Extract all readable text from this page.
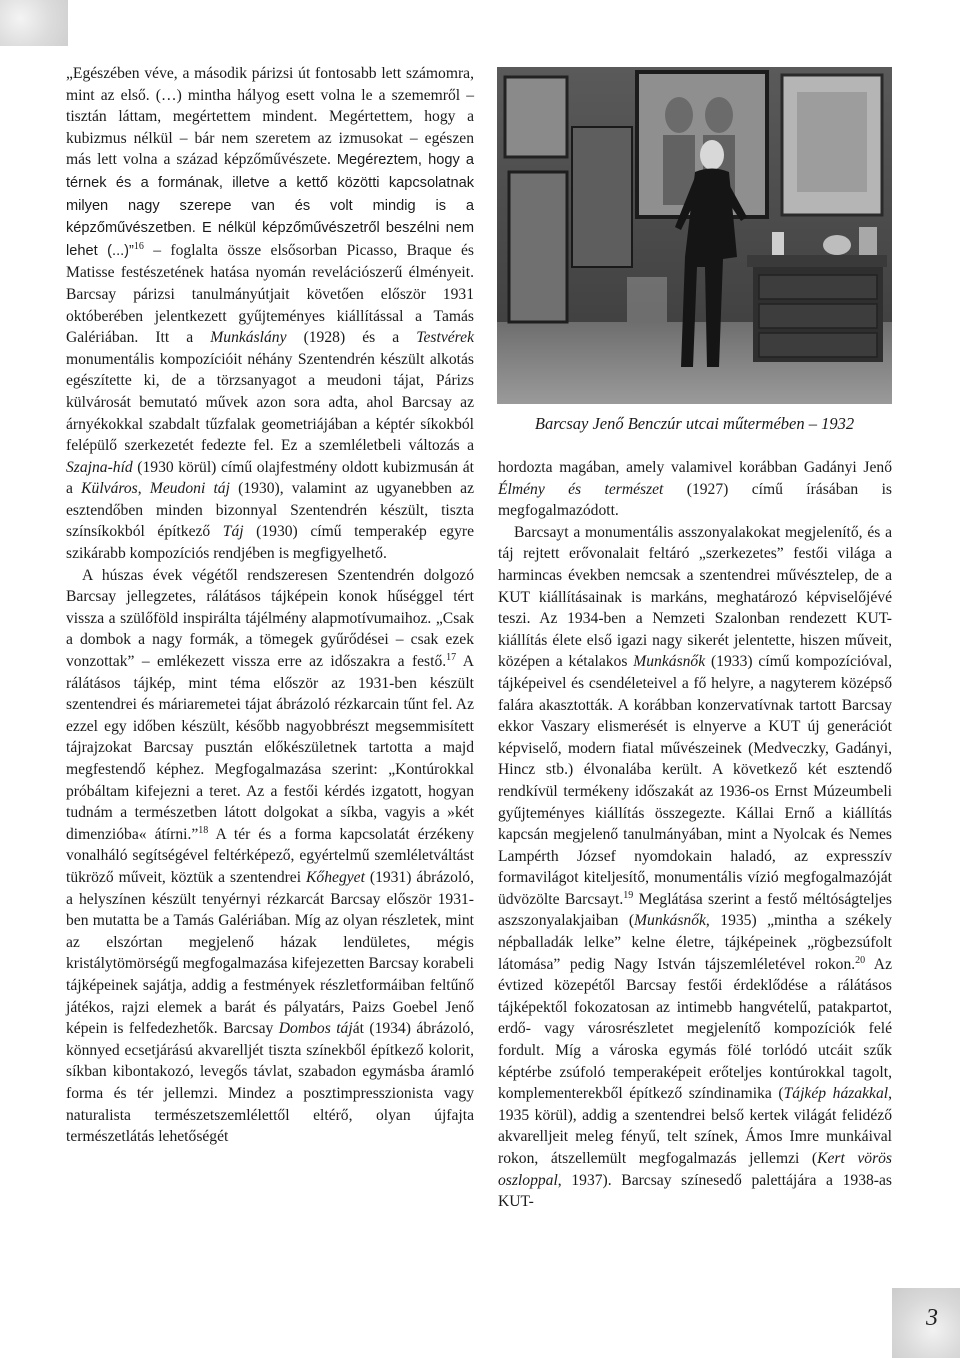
„Egészében véve, a második párizsi út fontosabb lett számomra, mint az első. (…) mintha hályog esett volna le a szememről – tisztán láttam, megértettem mindent. Megértettem, hogy a kubizmus nélkül – bár nem szeretem az izmusokat – egészen más lett volna a század képzőművészete. Megéreztem, hogy a térnek és a formának, illetve a kettő közötti kapcsolatnak milyen nagy szerepe van és volt mindig is a képzőművészetben. E nélkül képzőművészetről beszélni nem lehet (...)”$^{16}$ – foglalta össze elsősorban Picasso, Braque és Matisse festészetének hatása nyomán revelációszerű élményeit. Barcsay párizsi tanulmányútjait követően először 1931 októberében jelentkezett gyűjteményes kiállítással a Tamás Galériában. Itt a Munkáslány (1928) és a Testvérek monumentális kompozícióit néhány Szentendrén készült alkotás egészítette ki, de a törzsanyagot a meudoni tájat, Párizs külvárosát bemutató művek azon sora adta, ahol Barcsay az árnyékokkal szabdalt tűzfalak geometriájában a képtér síkokból felépülő szerkezetét fedezte fel. Ez a szemléletbeli változás a Szajna-híd (1930 körül) című olajfestmény oldott kubizmusán át a Külváros, Meudoni táj (1930), valamint az ugyanebben az esztendőben minden bizonnyal Szentendrén készült, tiszta színsíkokból építkező Táj (1930) című temperakép egyre szikárabb kompozíciós rendjében is megfigyelhető.

A húszas évek végétől rendszeresen Szentendrén dolgozó Barcsay jellegzetes, rálátásos tájképein konok hűséggel tért vissza a szülőföld inspirálta tájélmény alapmotívumaihoz. „Csak a dombok a nagy formák, a tömegek gyűrődései – csak ezek vonzottak” – emlékezett vissza erre az időszakra a festő.$^{17}$ A rálátásos tájkép, mint téma először az 1931-ben készült szentendrei és máriaremetei tájat ábrázoló rézkarcain tűnt fel. Az ezzel egy időben készült, később nagyobbrészt megsemmisített tájrajzokat Barcsay pusztán előkészületnek tartotta a majd megfestendő képhez. Megfogalmazása szerint: „Kontúrokkal próbáltam kifejezni a teret. Az a festői kérdés izgatott, hogyan tudnám a természetben látott dolgokat a síkba, vagyis a »két dimenzióba« átírni.”$^{18}$ A tér és a forma kapcsolatát érzékeny vonalháló segítségével feltérképező, egyértelmű szemléletváltást tükröző műveit, köztük a szentendrei Kőhegyet (1931) ábrázoló, a helyszínen készült tenyérnyi rézkarcát Barcsay először 1931-ben mutatta be a Tamás Galériában. Míg az olyan részletek, mint az elszórtan megjelenő házak lendületes, mégis kristálytömörségű megfogalmazása kifejezetten Barcsay korabeli tájképeinek sajátja, addig a festmények részletformáiban feltűnő játékos, rajzi elemek a barát és pályatárs, Paizs Goebel Jenő képein is felfedezhetők. Barcsay Dombos táját (1934) ábrázoló, könnyed ecsetjárású akvarelljét tiszta színekből építkező kolorit, síkban kibontakozó, levegős távlat, szabadon egymásba áramló forma és tér jellemzi. Mindez a posztimpresszionista vagy naturalista természetszemlélettől eltérő, olyan újfajta természetlátás lehetőségét

Barcsay Jenő Benczúr utcai műtermében – 1932

hordozta magában, amely valamivel korábban Gadányi Jenő Élmény és természet (1927) című írásában is megfogalmazódott.

Barcsayt a monumentális asszonyalakokat megjelenítő, és a táj rejtett erővonalait feltáró „szerkezetes” festői világa a harmincas években nemcsak a szentendrei művésztelep, de a KUT kiállításainak is markáns, meghatározó képviselőjévé teszi. Az 1934-ben a Nemzeti Szalonban rendezett KUT-kiállítás élete első igazi nagy sikerét jelentette, hiszen műveit, középen a kétalakos Munkásnők (1933) című kompozícióval, tájképeivel és csendéleteivel a fő helyre, a nagyterem középső falára akasztották. A korábban konzervatívnak tartott Barcsay ekkor Vaszary elismerését is elnyerve a KUT új generációt képviselő, modern fiatal művészeinek (Medveczky, Gadányi, Hincz stb.) élvonalába került. A következő két esztendő rendkívül termékeny időszakát az 1936-os Ernst Múzeumbeli gyűjteményes kiállítás összegezte. Kállai Ernő a kiállítás kapcsán megjelenő tanulmányában, mint a Nyolcak és Nemes Lampérth József nyomdokain haladó, az expresszív formavilágot kiteljesítő, monumentális vízió megfogalmazóját üdvözölte Barcsayt.$^{19}$ Meglátása szerint a festő méltóságteljes aszszonyalakjaiban (Munkásnők, 1935) „mintha a székely népballadák lelke” kelne életre, tájképeinek „rögbezsúfolt látomása” pedig Nagy István tájszemléletével rokon.$^{20}$ Az évtized közepétől Barcsay festői érdeklődése a rálátásos tájképektől fokozatosan az intimebb hangvételű, patakpartot, erdő- vagy városrészletet megjelenítő kompozíciók felé fordult. Míg a városka egymás fölé torlódó utcáit szűk képtérbe zsúfoló temperaképeit erőteljes kontúrokkal tagolt, komplementerekből építkező színdinamika (Tájkép házakkal, 1935 körül), addig a szentendrei belső kertek világát felidéző akvarelljeit meleg fényű, telt színek, Ámos Imre munkáival rokon, átszellemült megfogalmazás jellemzi (Kert vörös oszloppal, 1937). Barcsay színesedő palettájára a 1938-as KUT-

3
